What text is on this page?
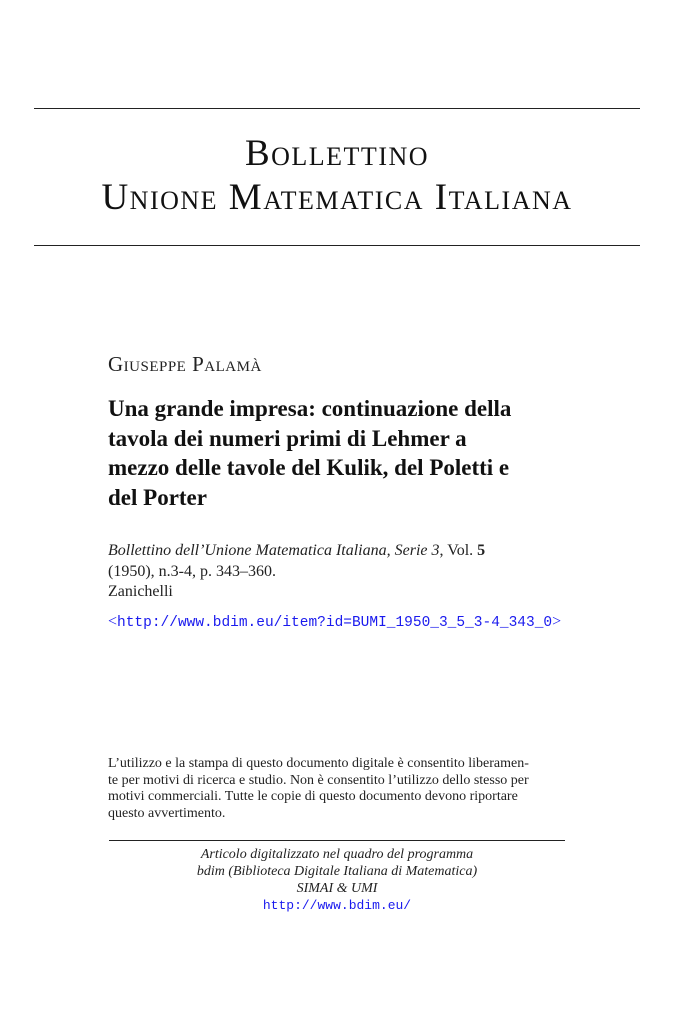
Bollettino
Unione Matematica Italiana
Giuseppe Palamà
Una grande impresa: continuazione della
tavola dei numeri primi di Lehmer a
mezzo delle tavole del Kulik, del Poletti e
del Porter
Bollettino dell’Unione Matematica Italiana, Serie 3, Vol. 5
(1950), n.3-4, p. 343–360.
Zanichelli
<http://www.bdim.eu/item?id=BUMI_1950_3_5_3-4_343_0>
L’utilizzo e la stampa di questo documento digitale è consentito liberamen-
te per motivi di ricerca e studio. Non è consentito l’utilizzo dello stesso per
motivi commerciali. Tutte le copie di questo documento devono riportare
questo avvertimento.
Articolo digitalizzato nel quadro del programma
bdim (Biblioteca Digitale Italiana di Matematica)
SIMAI & UMI
http://www.bdim.eu/
